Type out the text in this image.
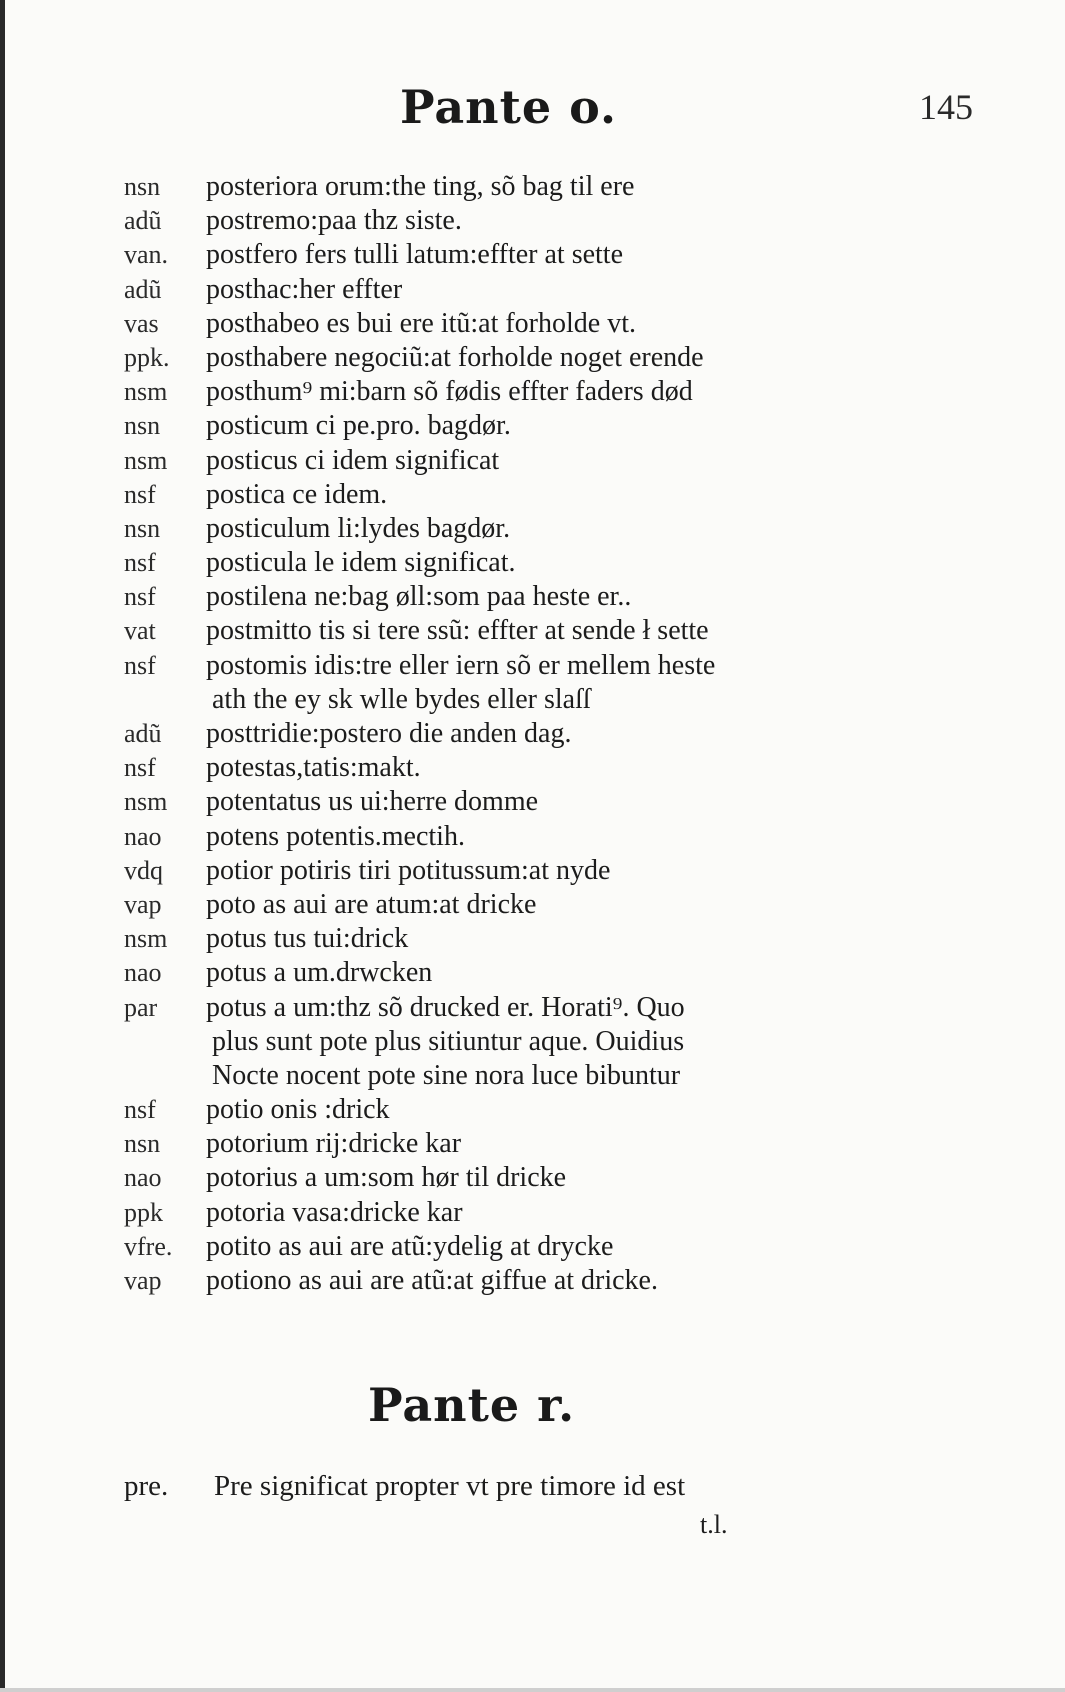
Pante o.	145
nsn	posteriora orum:the ting, sõ bag til ere
adũ	postremo:paa thz siste.
van.	postfero fers tulli latum:effter at sette
adũ	posthac:her effter
vas	posthabeo es bui ere itũ:at forholde vt.
ppk.	posthabere negociũ:at forholde noget erende
nsm	posthum⁹ mi:barn sõ fødis effter faders død
nsn	posticum ci pe.pro. bagdør.
nsm	posticus ci idem significat
nsf	postica ce idem.
nsn	posticulum li:lydes bagdør.
nsf	posticula le idem significat.
nsf	postilena ne:bag øll:som paa heste er..
vat	postmitto tis si tere ssũ: effter at sende ł sette
nsf	postomis idis:tre eller iern sõ er mellem heste
ath the ey sk wlle bydes eller slaſſ
adũ	posttridie:postero die anden dag.
nsf	potestas,tatis:makt.
nsm	potentatus us ui:herre domme
nao	potens potentis.mectih.
vdq	potior potiris tiri potitussum:at nyde
vap	poto as aui are atum:at dricke
nsm	potus tus tui:drick
nao	potus a um.drwcken
par	potus a um:thz sõ drucked er. Horati⁹. Quo
plus sunt pote plus sitiuntur aque. Ouidius
Nocte nocent pote sine nora luce bibuntur
nsf	potio onis :drick
nsn	potorium rij:dricke kar
nao	potorius a um:som hør til dricke
ppk	potoria vasa:dricke kar
vfre.	potito as aui are atũ:ydelig at drycke
vap	potiono as aui are atũ:at giffue at dricke.
Pante r.
pre.	Pre significat propter vt pre timore id est
t.l.
